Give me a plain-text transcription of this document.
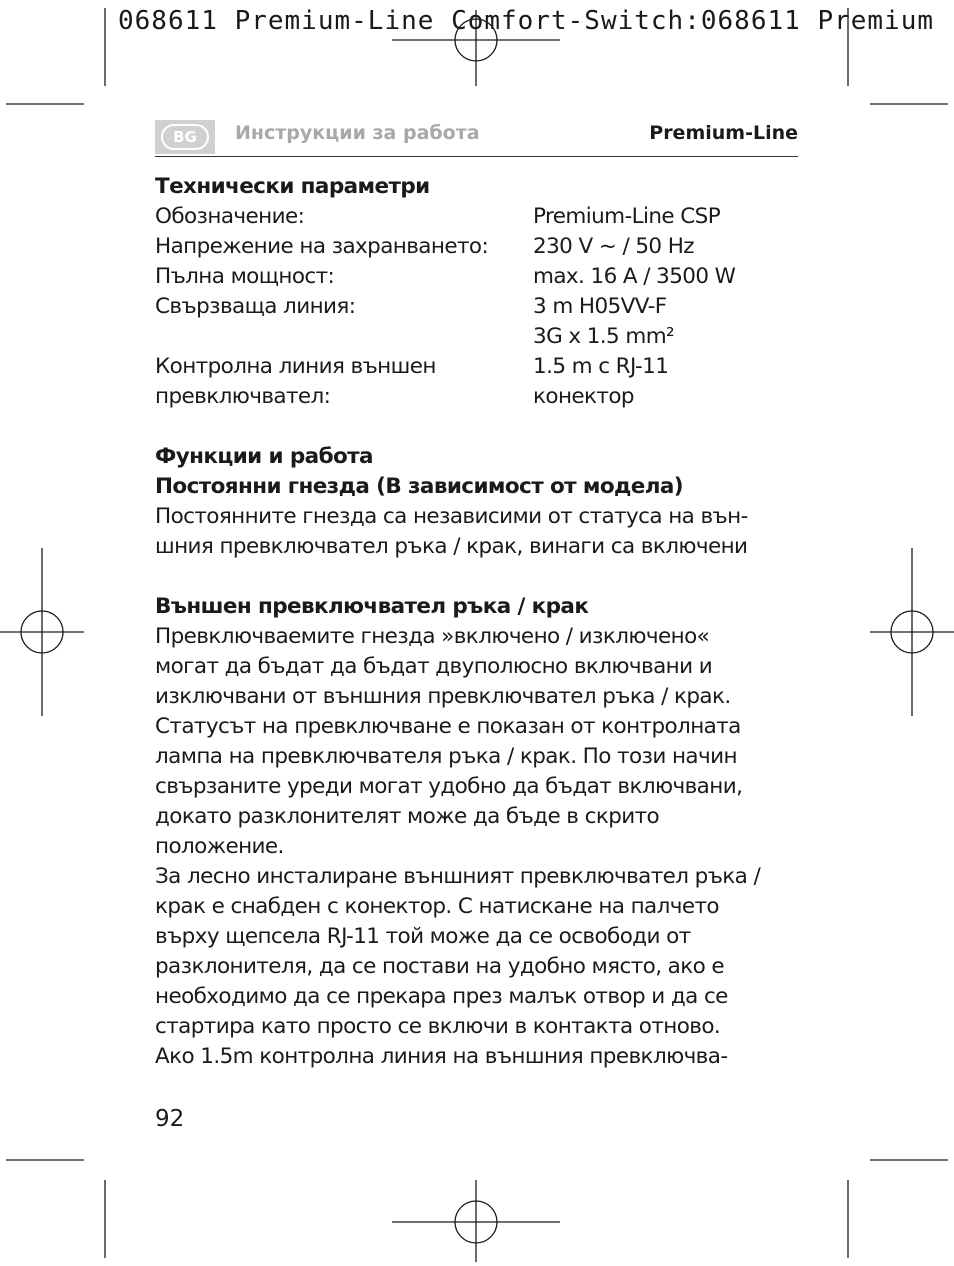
068611 Premium-Line Comfort-Switch:068611 Premium
BG	Инструкции за работа	Premium-Line
Технически параметри
Обозначение:	Premium-Line CSP
Напрежение на захранването:	230 V ~ / 50 Hz
Пълна мощност:	max. 16 A / 3500 W
Свързваща линия:	3 m H05VV-F
3G x 1.5 mm²
Контролна линия външен	1.5 m с RJ-11
превключвател:	конектор
Функции и работа
Постоянни гнезда (В зависимост от модела)
Постоянните гнезда са независими от статуса на вън-
шния превключвател ръка / крак, винаги са включени
Външен превключвател ръка / крак
Превключваемите гнезда »включено / изключено«
могат да бъдат да бъдат двуполюсно включвани и
изключвани от външния превключвател ръка / крак.
Статусът на превключване е показан от контролната
лампа на превключвателя ръка / крак. По този начин
свързаните уреди могат удобно да бъдат включвани,
докато разклонителят може да бъде в скрито
положение.
За лесно инсталиране външният превключвател ръка /
крак е снабден с конектор. С натискане на палчето
върху щепсела RJ-11 той може да се освободи от
разклонителя, да се постави на удобно място, ако е
необходимо да се прекара през малък отвор и да се
стартира като просто се включи в контакта отново.
Ако 1.5m контролна линия на външния превключва-
92
